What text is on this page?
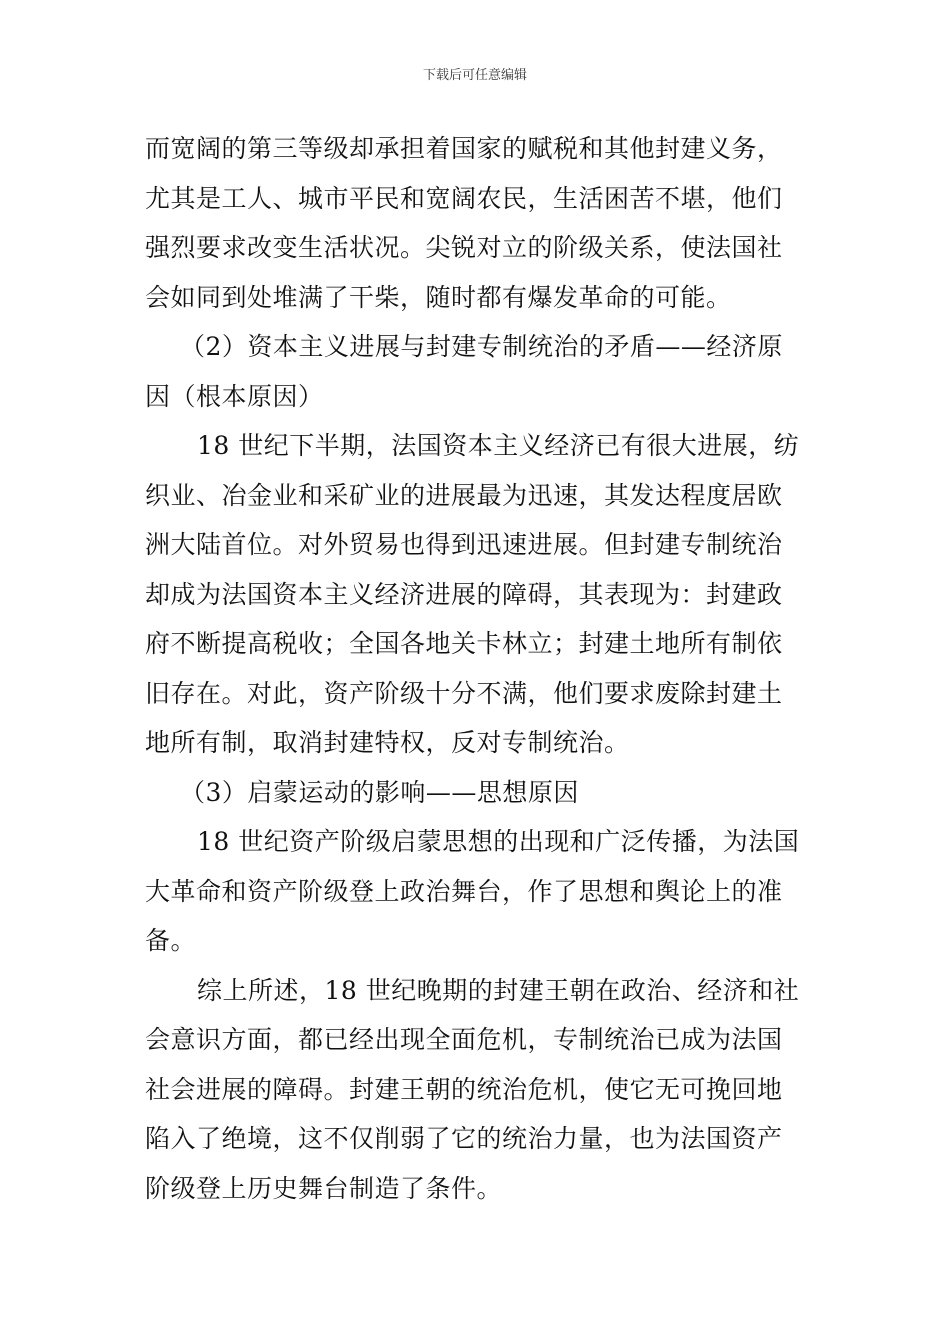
下载后可任意编辑
而宽阔的第三等级却承担着国家的赋税和其他封建义务，
尤其是工人、城市平民和宽阔农民，生活困苦不堪，他们
强烈要求改变生活状况。尖锐对立的阶级关系，使法国社
会如同到处堆满了干柴，随时都有爆发革命的可能。
（2）资本主义进展与封建专制统治的矛盾——经济原
因（根本原因）
18 世纪下半期，法国资本主义经济已有很大进展，纺
织业、冶金业和采矿业的进展最为迅速，其发达程度居欧
洲大陆首位。对外贸易也得到迅速进展。但封建专制统治
却成为法国资本主义经济进展的障碍，其表现为：封建政
府不断提高税收；全国各地关卡林立；封建土地所有制依
旧存在。对此，资产阶级十分不满，他们要求废除封建土
地所有制，取消封建特权，反对专制统治。
（3）启蒙运动的影响——思想原因
18 世纪资产阶级启蒙思想的出现和广泛传播，为法国
大革命和资产阶级登上政治舞台，作了思想和舆论上的准
备。
综上所述，18 世纪晚期的封建王朝在政治、经济和社
会意识方面，都已经出现全面危机，专制统治已成为法国
社会进展的障碍。封建王朝的统治危机，使它无可挽回地
陷入了绝境，这不仅削弱了它的统治力量，也为法国资产
阶级登上历史舞台制造了条件。
